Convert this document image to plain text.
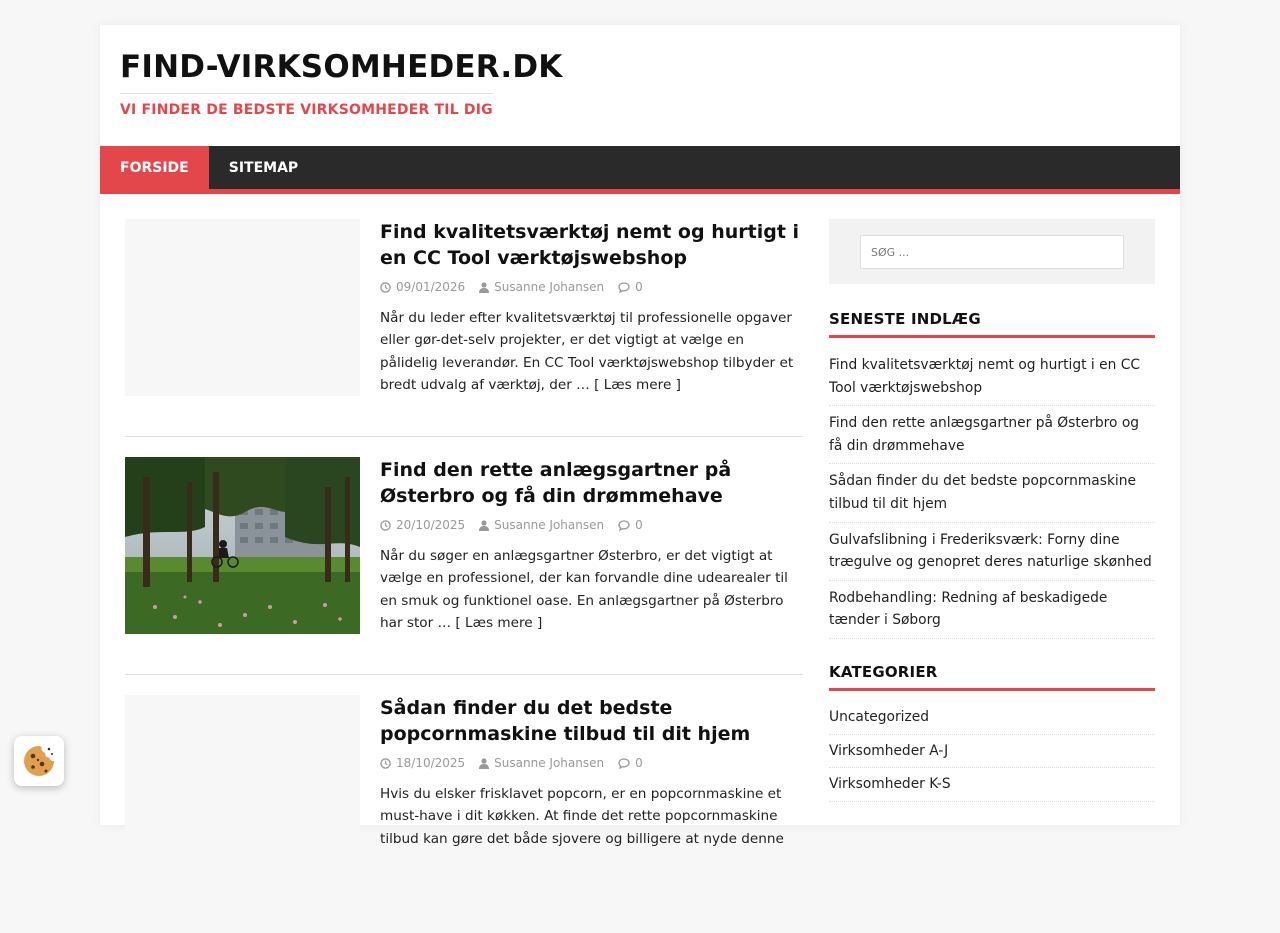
FIND-VIRKSOMHEDER.DK

VI FINDER DE BEDSTE VIRKSOMHEDER TIL DIG
FORSIDE	SITEMAP
Find kvalitetsværktøj nemt og hurtigt i en CC Tool værktøjswebshop
09/01/2026 Susanne Johansen	0

Når du leder efter kvalitetsværktøj til professionelle opgaver eller gør-det-selv projekter, er det vigtigt at vælge en pålidelig leverandør. En CC Tool værktøjswebshop tilbyder et bredt udvalg af værktøj, der … [ Læs mere ]

Find den rette anlægsgartner på Østerbro og få din drømmehave
20/10/2025 Susanne Johansen	0

Når du søger en anlægsgartner Østerbro, er det vigtigt at vælge en professionel, der kan forvandle dine udearealer til en smuk og funktionel oase. En anlægsgartner på Østerbro har stor … [ Læs mere ]

Sådan finder du det bedste popcornmaskine tilbud til dit hjem
18/10/2025 Susanne Johansen	0

Hvis du elsker frisklavet popcorn, er en popcornmaskine et must-have i dit køkken. At finde det rette popcornmaskine tilbud kan gøre det både sjovere og billigere at nyde denne

SØG ...
SENESTE INDLÆG
Find kvalitetsværktøj nemt og hurtigt i en CC Tool værktøjswebshop
Find den rette anlægsgartner på Østerbro og få din drømmehave
Sådan finder du det bedste popcornmaskine tilbud til dit hjem
Gulvafslibning i Frederiksværk: Forny dine trægulve og genopret deres naturlige skønhed
Rodbehandling: Redning af beskadigede tænder i Søborg
KATEGORIER
Uncategorized
Virksomheder A-J
Virksomheder K-S
